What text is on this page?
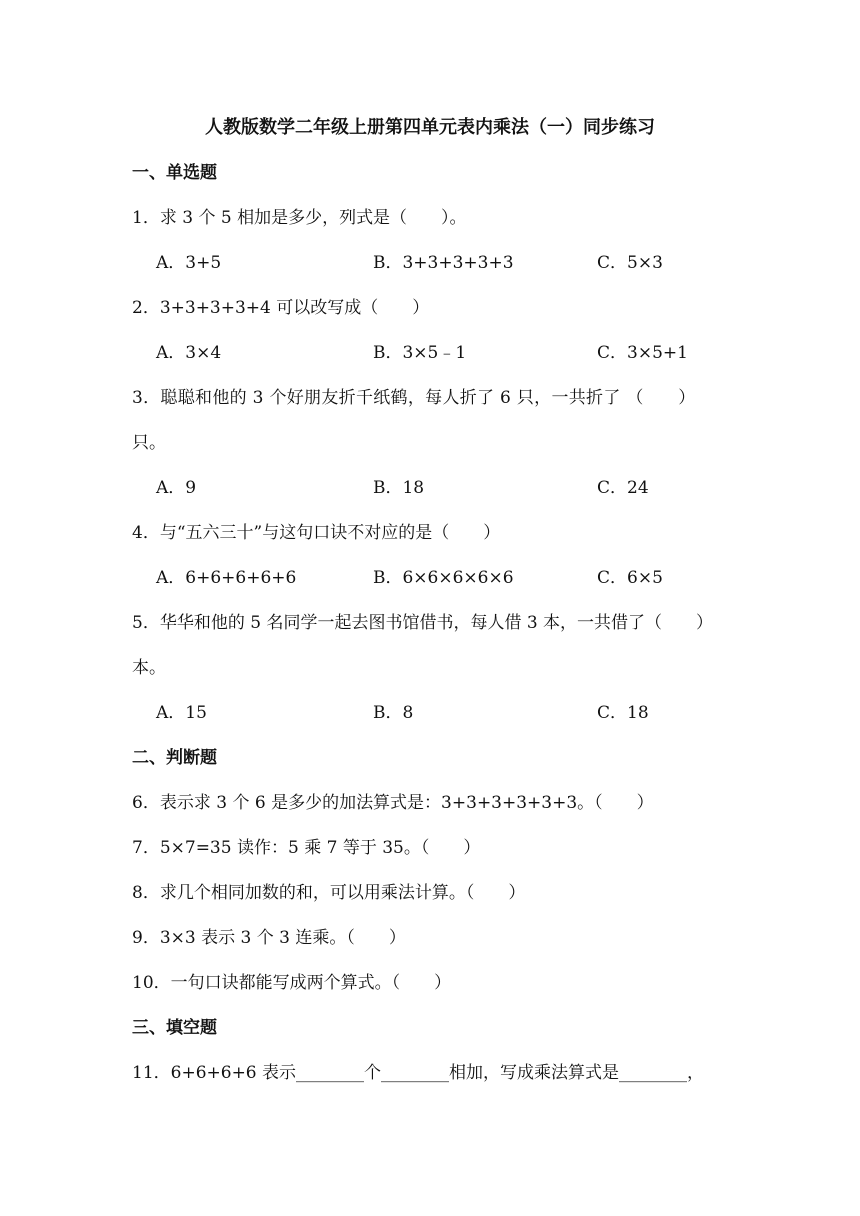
人教版数学二年级上册第四单元表内乘法（一）同步练习
一、单选题
1．求 3 个 5 相加是多少，列式是（　　）。
A．3+5	B．3+3+3+3+3	C．5×3
2．3+3+3+3+4 可以改写成（　　）
A．3×4	B．3×5﹣1	C．3×5+1
3．聪聪和他的 3 个好朋友折千纸鹤，每人折了 6 只，一共折了 （　　）
只。
A．9	B．18	C．24
4．与“五六三十”与这句口诀不对应的是（　　）
A．6+6+6+6+6	B．6×6×6×6×6	C．6×5
5．华华和他的 5 名同学一起去图书馆借书，每人借 3 本，一共借了（　　）
本。
A．15	B．8	C．18
二、判断题
6．表示求 3 个 6 是多少的加法算式是：3+3+3+3+3+3。（　　）
7．5×7=35 读作：5 乘 7 等于 35。（　　）
8．求几个相同加数的和，可以用乘法计算。（　　）
9．3×3 表示 3 个 3 连乘。（　　）
10．一句口诀都能写成两个算式。（　　）
三、填空题
11．6+6+6+6 表示________个________相加，写成乘法算式是________，
